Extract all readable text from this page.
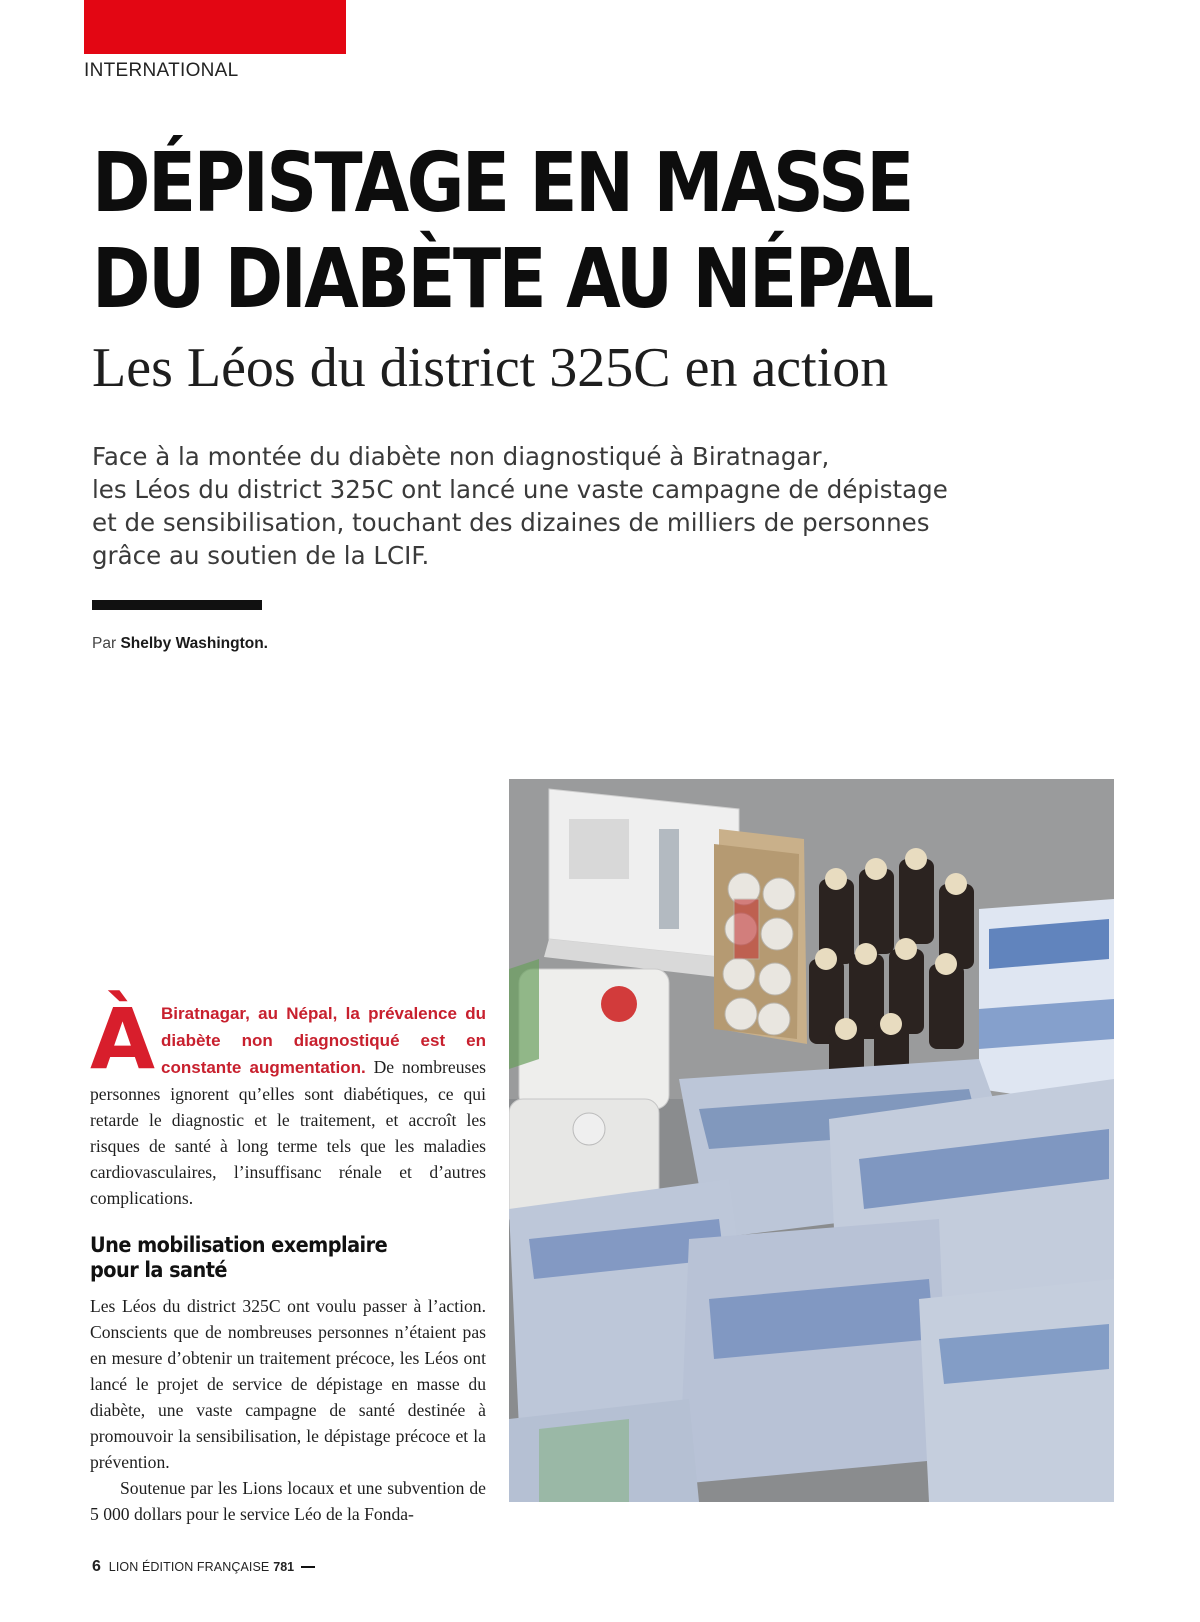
INTERNATIONAL
DÉPISTAGE EN MASSE
DU DIABÈTE AU NÉPAL
Les Léos du district 325C en action
Face à la montée du diabète non diagnostiqué à Biratnagar,
les Léos du district 325C ont lancé une vaste campagne de dépistage
et de sensibilisation, touchant des dizaines de milliers de personnes
grâce au soutien de la LCIF.
Par Shelby Washington.

À Biratnagar, au Népal, la prévalence du diabète non diagnostiqué est en constante augmentation. De nombreuses personnes ignorent qu’elles sont diabétiques, ce qui retarde le diagnostic et le traitement, et accroît les risques de santé à long terme tels que les maladies cardiovasculaires, l’insuffisanc rénale et d’autres complications.

Une mobilisation exemplaire
pour la santé

Les Léos du district 325C ont voulu passer à l’action. Conscients que de nombreuses personnes n’étaient pas en mesure d’obtenir un traitement précoce, les Léos ont lancé le projet de service de dépistage en masse du diabète, une vaste campagne de santé destinée à promouvoir la sensibilisation, le dépistage précoce et la prévention.

Soutenue par les Lions locaux et une subvention de 5 000 dollars pour le service Léo de la Fonda-

6 LION ÉDITION FRANÇAISE 781
